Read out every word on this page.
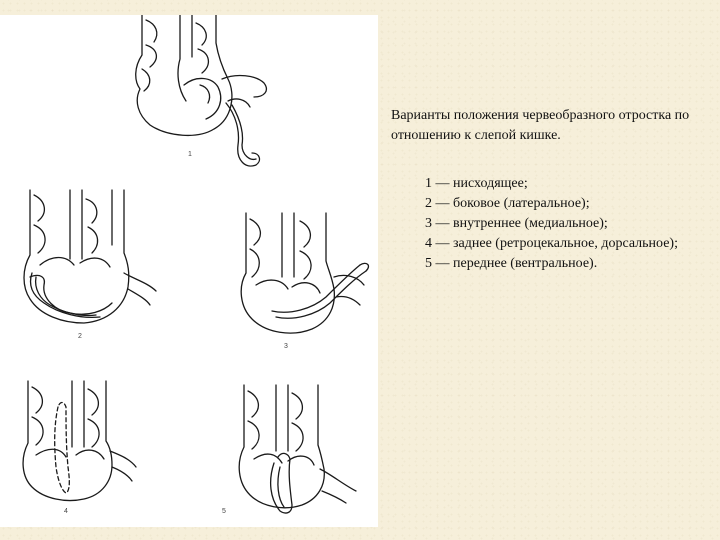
1
2
3
4	5

Варианты положения червеобразного отростка по отношению к слепой кишке.

1 — нисходящее;
2 — боковое (латеральное);
3 — внутреннее (медиальное);
4 — заднее (ретроцекальное, дорсальное);
5 — переднее (вентральное).
